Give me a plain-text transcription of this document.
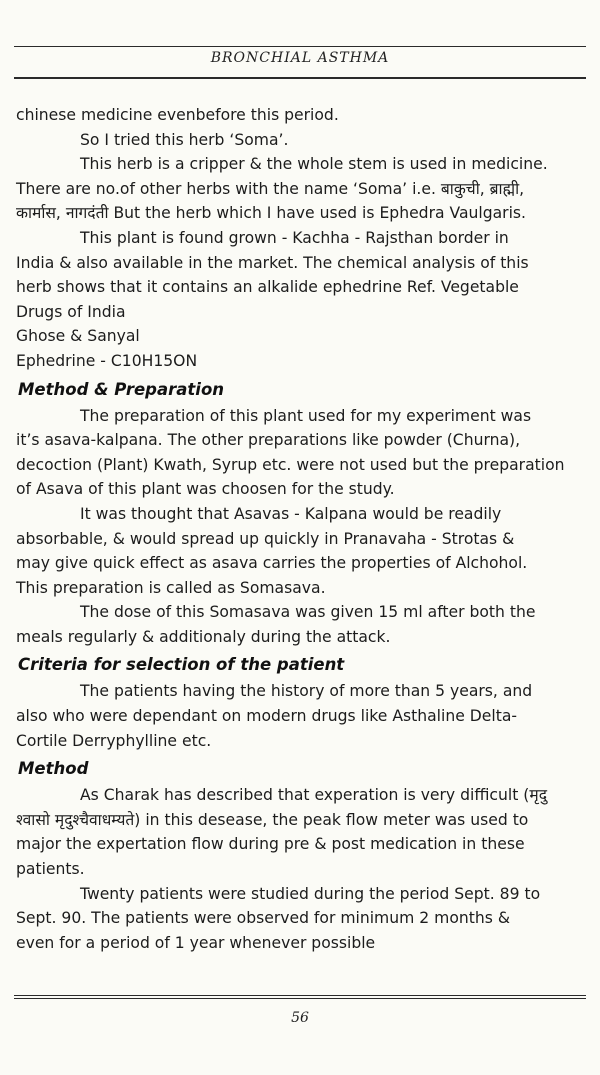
BRONCHIAL ASTHMA

chinese medicine evenbefore this period.

So I tried this herb ‘Soma’.

This herb is a cripper & the whole stem is used in medicine.

There are no.of other herbs with the name ‘Soma’ i.e. बाकुची, ब्राह्मी,

कार्मास, नागदंती But the herb which I have used is Ephedra Vaulgaris.

This plant is found grown - Kachha - Rajsthan border in

India & also available in the market. The chemical analysis of this

herb shows that it contains an alkalide ephedrine Ref. Vegetable

Drugs of India

Ghose & Sanyal

Ephedrine - C10H15ON

Method & Preparation

The preparation of this plant used for my experiment was

it’s asava-kalpana. The other preparations like powder (Churna),

decoction (Plant) Kwath, Syrup etc. were not used but the preparation

of Asava of this plant was choosen for the study.

It was thought that Asavas - Kalpana would be readily

absorbable, & would spread up quickly in Pranavaha - Strotas &

may give quick effect as asava carries the properties of Alchohol.

This preparation is called as Somasava.

The dose of this Somasava was given 15 ml after both the

meals regularly & additionaly during the attack.

Criteria for selection of the patient

The patients having the history of more than 5 years, and

also who were dependant on modern drugs like Asthaline Delta-

Cortile Derryphylline etc.

Method

As Charak has described that experation is very difficult (मृदु

श्वासो मृदुश्चैवाधम्यते) in this desease, the peak flow meter was used to

major the expertation flow during pre & post medication in these

patients.

Twenty patients were studied during the period Sept. 89 to

Sept. 90. The patients were observed for minimum 2 months &

even for a period of 1 year whenever possible

56
